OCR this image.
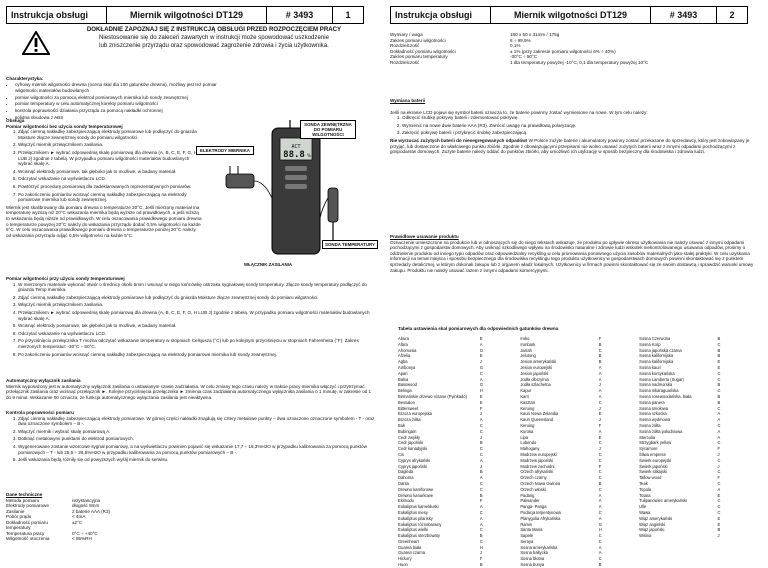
Instrukcja obsługi	Miernik wilgotności DT129	# 3493	1
DOKŁADNIE ZAPOZNAJ SIĘ Z INSTRUKCJĄ OBSŁUGI PRZED ROZPOCZĘCIEM PRACY
Niestosowanie się do zaleceń zawartych w instrukcji może spowodować uszkodzenie
lub zniszczenie przyrządu oraz spowodować zagrożenie zdrowia i życia użytkownika.
Charakterystyka:
• cyfrowy miernik wilgotności drewna (ocena skal dla 100 gatunków drewna), możliwy jest też pomiar wilgotności materiałów budowlanych
• pomiar wilgotności za pomocą elektrod pomiarowych miernika lub sondy zewnętrznej
• pomiar temperatury w celu automatycznej korekty pomiaru wilgotności
• kontrola poprawności działania przyrządu za pomocą nakładki ochronnej
• solidna obudowa z ABS
ACT
88.8 %
SONDA ZEWNĘTRZNA DO POMIARU WILGOTNOŚCI
ELEKTRODY MIERNIKA
SONDA TEMPERATURY
WŁĄCZNIK ZASILANIA
Obsługa
Pomiar wilgotności bez użycia sondy temperaturowej
1. Zdjąć ciemną nakładkę zabezpieczającą elektrody pomiarowe lub podłączyć do gniazda Moisture złącze zewnętrznej sondy do pomiaru wilgotności.
2. Włączyć miernik przełącznikiem zasilania.
3. Przełącznikiem ► wybrać odpowiednią skalę pomiarową dla drewna (A, B, C, E, F, G, H LUB J) zgodnie z tabelą. W przypadku pomiaru wilgotności materiałów budowlanych wybrać skalę A.
4. Wcisnąć elektrody pomiarowe, tak głęboko jak to możliwe, w badany materiał.
5. Odczytać wskazanie na wyświetlaczu LCD.
6. Powtórzyć procedurę pomiarową dla zadeklarowanych reprezentatywnych pomiarów.
7. Po zakończeniu pomiarów wcisnąć ciemną nakładkę zabezpieczającą na elektrody pomiarowe miernika lub sondy zewnętrznej.
Miernik jest skalibrowany dla pomiaru drewna o temperaturze 20°C. Jeśli mierzony materiał ma temperaturę wyższą niż 20°C wskazania miernika będą wyższe od prawidłowych, a jeśli niższą to wskazania będą niższe od prawidłowych. W celu oszacowania prawidłowego pomiaru drewna o temperaturze powyżej 20°C należy do wskazania przyrządu dodać 0,5% wilgotności na każde 5°C. W celu oszacowania prawidłowego pomiaru drewna o temperaturze poniżej 20°C należy od wskazania przyrządu odjąć 0,5% wilgotności na każde 5°C.
Pomiar wilgotności przy użyciu sondy temperaturowej
1. W mierzonym materiale wykonać otwór o średnicy około 5mm i wsunąć w niego końcówkę ostrzaka sygnałowej sondy temperatury. Złącze sondy temperatury podłączyć do gniazda Temp miernika.
2. Zdjąć ciemną nakładkę zabezpieczającą elektrody pomiarowe lub podłączyć do gniazda Moisture złącze zewnętrznej sondy do pomiaru wilgotności.
3. Włączyć miernik przełącznikiem zasilania.
4. Przełącznikiem ► wybrać odpowiednią skalę pomiarową dla drewna (A, B, C, E, F, G, H LUB J) zgodnie z tabelą. W przypadku pomiaru wilgotności materiałów budowlanych wybrać skalę A.
5. Wcisnąć elektrody pomiarowe, tak głęboko jak to możliwe, w badany materiał.
6. Odczytać wskazanie na wyświetlaczu LCD.
7. Po przyciśnięciu przełącznika T można odczytać wskazanie temperatury w stopniach Celsjusza (°C) lub po kolejnym przyciśnięciu w stopniach Fahrenheita (°F). Zakres mierzonych temperatur: -30°C ÷ 50°C.
8. Po zakończeniu pomiarów wcisnąć ciemną nakładkę zabezpieczającą na elektrody pomiarowe miernika lub sondy zewnętrznej.
Automatyczny wyłącznik zasilania
Miernik wyposażony jest w automatyczny wyłącznik zasilania o ustawianym czasie zadziałania. W celu zmiany tego czasu należy w trakcie pracy miernika włączyć i przytrzymać przełącznik zasilania oraz wcisnąć przełącznik ►. Kolejne przyciśnięcia przełącznika ► zmienia czas zadziałania automatycznego wyłącznika zasilania o 1 minutę, w zakresie od 1 do 9 minut. Wskazanie 00 oznacza, że funkcja automatycznego wyłączania zasilania jest nieaktywna.
Kontrola poprawności pomiaru
1. Zdjąć ciemną nakładkę zabezpieczającą elektrody pomiarowe. W górnej części nakładki znajdują się cztery metalowe punkty – dwa oznaczone oznaczone symbolem - T - oraz dwa oznaczone symbolem – B -.
2. Włączyć miernik i wybrać skalę pomiarową A.
3. Dotknąć metalowymi punktami do elektrod pomiarowych.
4. Wygenerowane zostanie wzorcowe sygnał pomiarowy, a na wyświetlaczu powinien pojawić się wskazanie 17,7 ÷ 18,3%H2O w przypadku kalibrowania za pomocą punktów pomiarowych – T - lub 25,5 ÷ 26,5%H2O w przypadku kalibrowania za pomocą punktów pomiarowych – B -.
5. Jeśli wskazania będą różniły się od powyższych wyślij miernik do serwisu.
Dane techniczne
Metoda pomiaru	rezystancyjna
Elektrody pomiarowe	długość 8mm
Zasilanie	2 baterie AAA (R3)
Pobór prądu	< 4mA
Dokładność pomiaru temperatury
±2°C
Temperatura pracy	0°C ÷ +40°C
Wilgotność otoczenia	< 85%RH
Instrukcja obsługi	Miernik wilgotności DT129	# 3493	2
Wymiary / waga	180 x 50 x 31mm / 175g
Zakres pomiaru wilgotności	6 ÷ 99,9%
Rozdzielczość	0,1%
Dokładność pomiaru wilgotności	± 1% (przy zakresie pomiaru wilgotności 6% ÷ 40%)
Zakres pomiaru temperatury	-30°C ÷ 50°C
Rozdzielczość	1 dla temperatury powyżej -10°C, 0,1 dla temperatury powyżej 10°C
Wymiana baterii
Jeśli na ekranie LCD pojawi się symbol baterii oznacza to, że baterie powinny zostać wymienione na nowe. W tym celu należy:
1. Odkręcić śrubkę pokrywy baterii i zdemontować pokrywę.
2. Wymienić na nowe dwie baterie AAA (R3). Zwrócić uwagę na prawidłową polaryzację.
3. Zakręcić pokrywę baterii i przykręcić śrubkę zabezpieczającą.
Nie wyrzucać zużytych baterii do niesegregowanych odpadów! W Polsce zużyte baterie i akumulatory powinny zostać przekazane do sprzedawcy, który jest zobowiązany je przyjąć, lub dostarczone do właściwego punktu zbiórki. Zgodnie z obowiązującymi przepisami nie wolno usuwać zużytych baterii wraz z innymi odpadami pochodzącymi z gospodarstw domowych. Zużyte baterie należy oddać do punktów zbiórki, aby umożliwić ich utylizację w sposób bezpieczny dla środowiska i zdrowia ludzi.
Prawidłowe usuwanie produktu
Oznaczenie umieszczone na produkcie lub w odnoszących się do niego tekstach wskazuje, że produktu po upływie okresu użytkowania nie należy usuwać z innymi odpadami pochodzącymi z gospodarstw domowych. Aby uniknąć szkodliwego wpływu na środowisko naturalne i zdrowie ludzi wskutek niekontrolowanego usuwania odpadów, prosimy o oddzielenie produktu od innego typu odpadów oraz odpowiedzialny recykling w celu promowania ponownego użycia zasobów materialnych jako stałej praktyki. W celu uzyskania informacji na temat miejsca i sposobu bezpiecznego dla środowiska recyklingu tego produktu użytkownicy w gospodarstwach domowych powinni skontaktować się z punktem sprzedaży detalicznej, w którym dokonali zakupu lub z organem władz lokalnych. Użytkownicy w firmach powinni skontaktować się ze swoim dostawcą i sprawdzić warunki umowy zakupu. Produktu nie należy usuwać razem z innymi odpadami komercyjnymi.
Tabela ustawienia skal pomiarowych dla odpowiednich gatunków drewna
Abura	E	Iroko	F	Sosna Czerwona	B
Afara	A	Ironbark	B	Sosna Korp	C
Afromosia	G	Jarrah	C	Sosna japońska czarna	B
Afzelia	E	Jelutong	B	Sosna kalifornijska	B
Agba	J	Jesion amerykański	B	Sosna kalifornijska	E
Ambonya	G	Jesion europejski	A	Sosna kauri	E
Apari	C	Jesion japoński	A	Sosna korsykańska	C
Balsa	A	Jodła olbrzymia	A	Sosna Lamberta (Sugar)	C
Basswood	G	Jodła szlachetna	J	Sosna nadmorska	B
Belinga	H	Kapur	A	Sosna nikaraguańska	C
Birmańskie drzewo różane (Pyinkado)	E	Karri	A	Sosna rosewoodańska, biała	B
Bessalon	E	Kasztan	C	Sosna panera	B
Bittersweet	F	Keruing	J	Sosna smołowa	C
Brzoza europejska	J	Kauri Nowa Zelandia	E	Sosna szkocka	A
Brzoza żółta	A	Kauri Queensland	J	Sosna wydmowa	A
Buk	C	Keruing	F	Sosna żółta	C
Bubingam	C	Kuroka	A	Sosna żółta południowa	A
Cedr zwykły	J	Lipa	E	Sterculia	A
Cedr japoński	B	Lobendo	C	Strzygbark yellow	C
Cedr kanadyjski	C	Mahogany	J	Sycamore	F
Cis	C	Modrzew europejski	C	Śliwa empress	J
Cyprys afrykański	A	Modrzew japoński	C	Świerk europejski	C
Cyprys japoński	J	Modrzew zachodni	F	Świerk japoński	J
Dagleda	B	Orzech afrykański	C	Świerk sitkajski	C
Dahoma	A	Orzech czarny	C	Tallow wood	F
Danta	C	Orzech Nowa Gwinea	B	Teak	C
Drewno kamforowe	C	Orzech włoski	C	Topola	A
Drewno kanarkowe	B	Padang	A	Totara	E
Ekimodo	F	Palisander	A	Tulipanowiec amerykański	C
Eukaliptus kamelduski	A	Panga- Panga	A	Ulle	C
Eukaliptus mesy	C	Podacja terpentynowa	C	Wawa	C
Eukaliptus pilarisky	A	Planygolia Afrykańska	A	Wiąz amerykański	E
Eukaliptus różnobarwny	A	Ramin	G	Wiąz angielski	E
Eukaliptus wielki	C	Santa Maria	H	Wiąz japoński	B
Eukaliptus sterzbowaty	B	Sapele	C	Wiśnia	J
Greenheart	C	Seraya	C		
Guarea biała	H	Sosna amerykańska	A		
Guarea czarna	J	Sosna bałtycka	A		
Hickory	F	Sosna błotna	C		
Huon	B	Sosna bunya	B		
